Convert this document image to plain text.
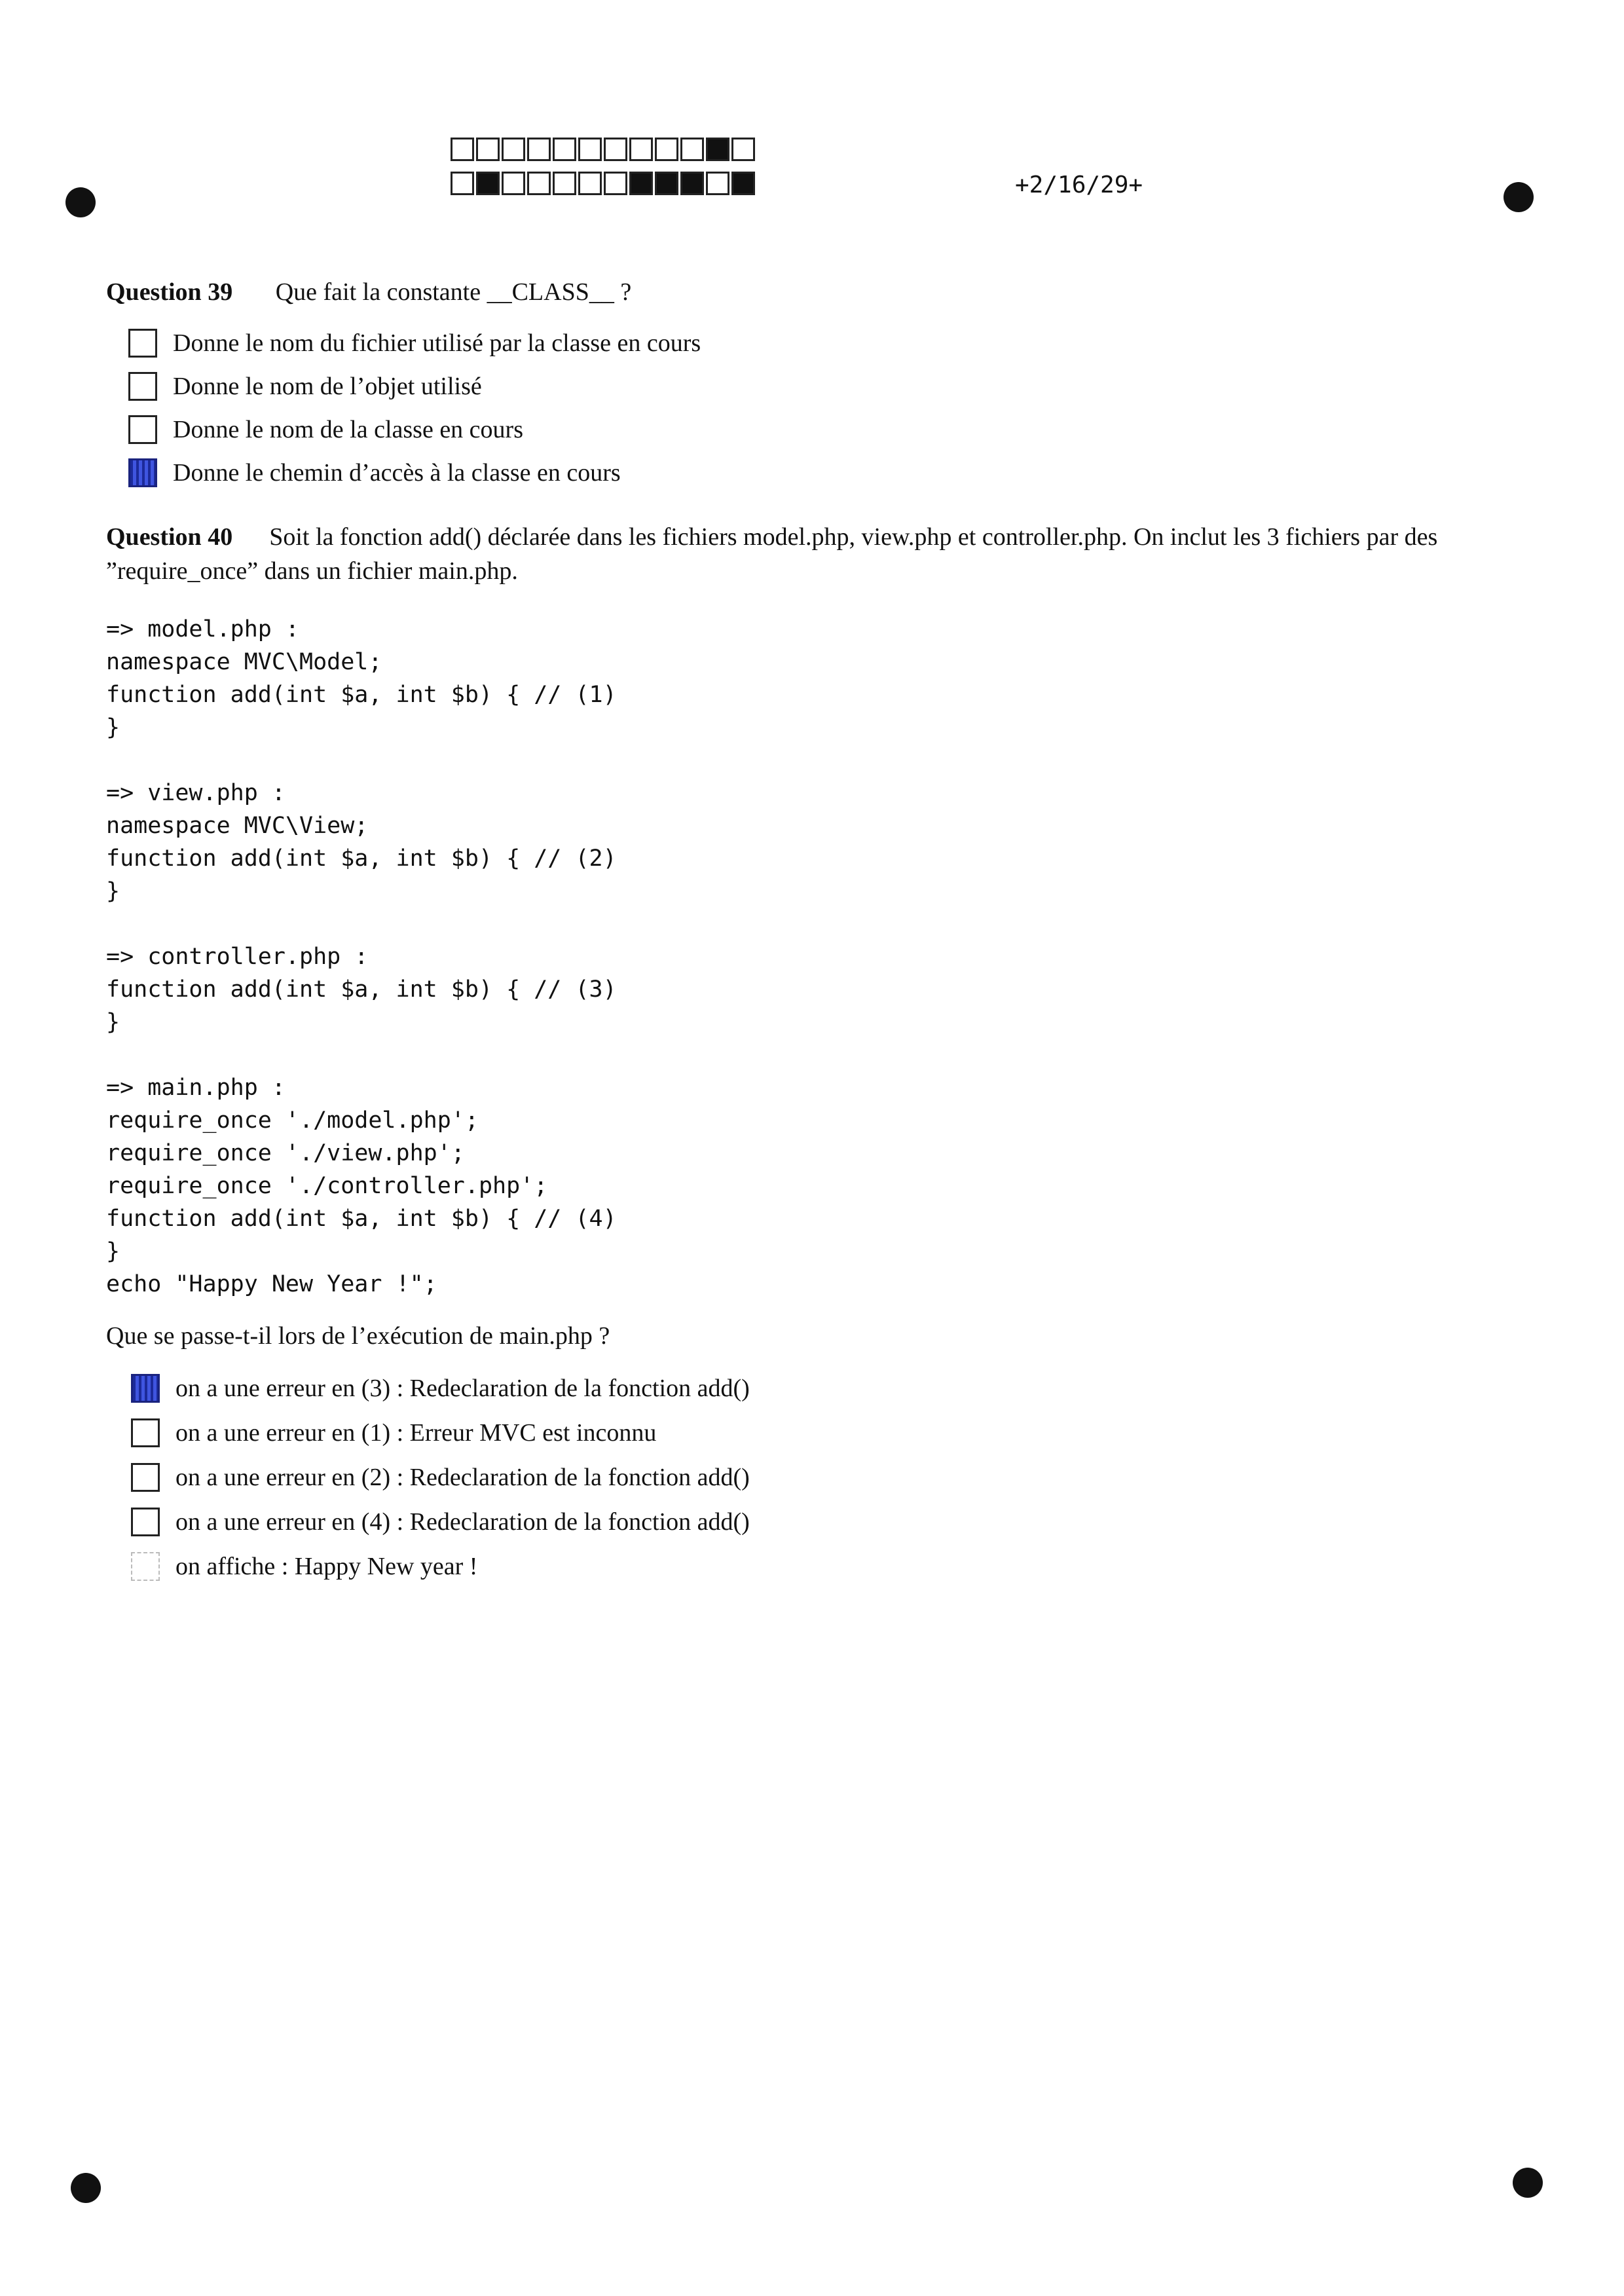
+2/16/29+
Question 39 Que fait la constante __CLASS__ ?
Donne le nom du fichier utilisé par la classe en cours
Donne le nom de l’objet utilisé
Donne le nom de la classe en cours
Donne le chemin d’accès à la classe en cours
Question 40 Soit la fonction add() déclarée dans les fichiers model.php, view.php et controller.php. On inclut les 3 fichiers par des ”require_once” dans un fichier main.php.
=> model.php :
namespace MVC\Model;
function add(int $a, int $b) { // (1)
}
=> view.php :
namespace MVC\View;
function add(int $a, int $b) { // (2)
}
=> controller.php :
function add(int $a, int $b) { // (3)
}
=> main.php :
require_once './model.php';
require_once './view.php';
require_once './controller.php';
function add(int $a, int $b) { // (4)
}
echo "Happy New Year !";
Que se passe-t-il lors de l’exécution de main.php ?
on a une erreur en (3) : Redeclaration de la fonction add()
on a une erreur en (1) : Erreur MVC est inconnu
on a une erreur en (2) : Redeclaration de la fonction add()
on a une erreur en (4) : Redeclaration de la fonction add()
on affiche : Happy New year !
